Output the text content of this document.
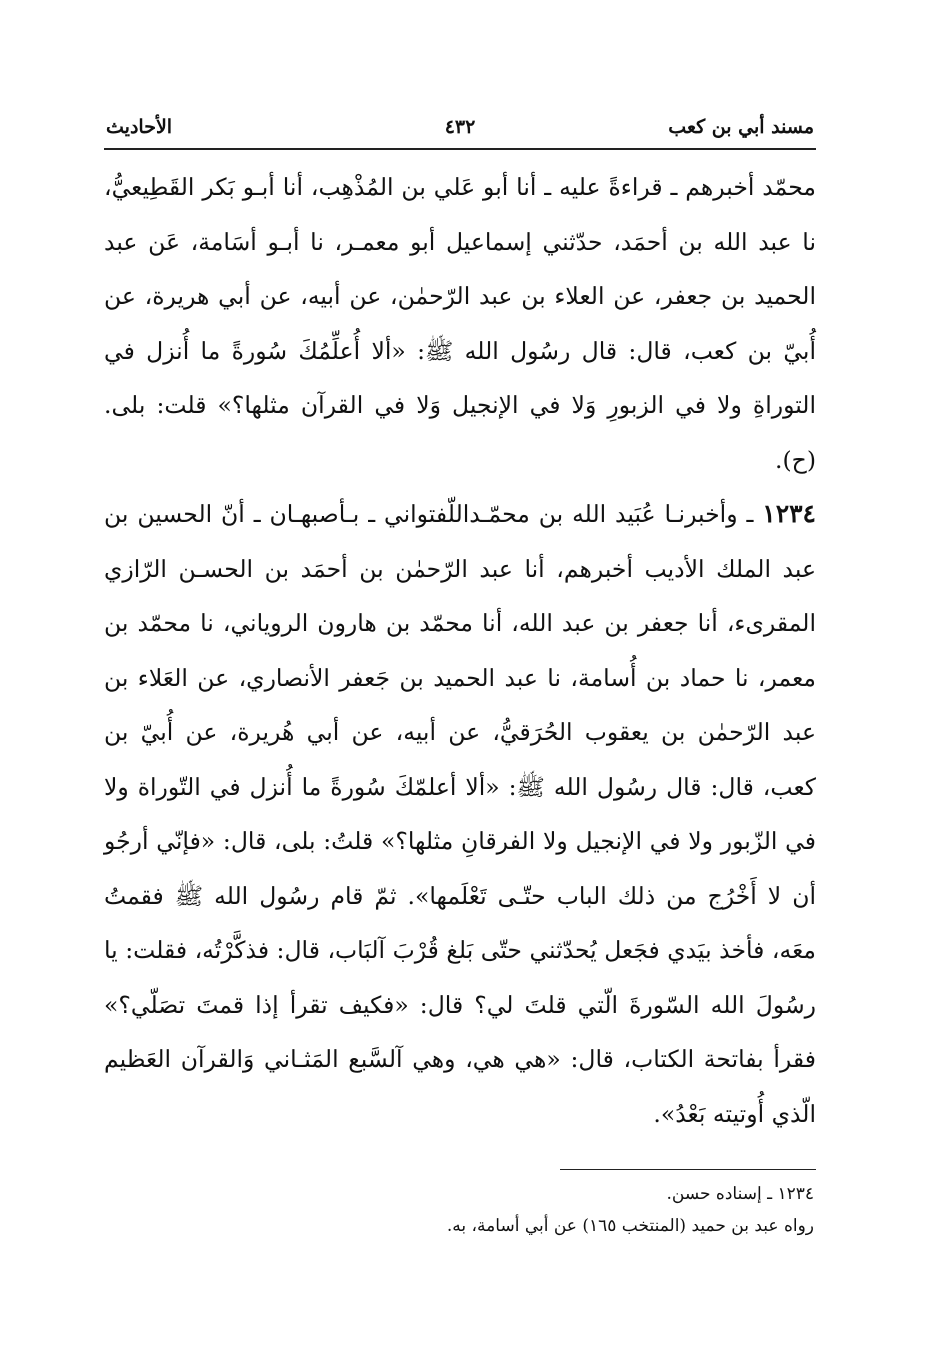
مسند أبي بن كعب
٤٣٢
الأحاديث

محمّد أخبرهم ـ قراءةً عليه ـ أنا أبو عَلي بن المُذْهِب، أنا أبـو بَكر القَطِيعيُّ، نا عبد الله بن أحمَد، حدّثني إسماعيل أبو معمـر، نا أبـو أسَامة، عَن عبد الحميد بن جعفر، عن العلاء بن عبد الرّحمٰن، عن أبيه، عن أبي هريرة، عن أُبيّ بن كعب، قال: قال رسُول الله ﷺ: «ألا أُعلِّمُكَ سُورةً ما أُنزل في التوراةِ ولا في الزبورِ وَلا في الإنجيل وَلا في القرآن مثلها؟» قلت: بلى. (ح).

١٢٣٤ ـ وأخبرنـا عُبَيد الله بن محمّـداللّفتواني ـ بـأصبهـان ـ أنّ الحسين بن عبد الملك الأديب أخبرهم، أنا عبد الرّحمٰن بن أحمَد بن الحسـن الرّازي المقرىء، أنا جعفر بن عبد الله، أنا محمّد بن هارون الروياني، نا محمّد بن معمر، نا حماد بن أُسامة، نا عبد الحميد بن جَعفر الأنصاري، عن العَلاء بن عبد الرّحمٰن بن يعقوب الحُرَقيُّ، عن أبيه، عن أبي هُريرة، عن أُبيّ بن كعب، قال: قال رسُول الله ﷺ: «ألا أعلمّكَ سُورةً ما أُنزل في التّوراة ولا في الزّبور ولا في الإنجيل ولا الفرقانِ مثلها؟» قلتُ: بلى، قال: «فإنّي أرجُو أن لا أَخْرُج من ذلك الباب حتّـى تَعْلَمها». ثمّ قام رسُول الله ﷺ فقمتُ معَه، فأخذ بيَدي فجَعل يُحدّثني حتّى بَلغ قُرْبَ آلبَاب، قال: فذكَّرْتُه، فقلت: يا رسُولَ الله السّورةَ الّتي قلتَ لي؟ قال: «فكيف تقرأ إذا قمتَ تصَلّي؟» فقرأ بفاتحة الكتاب، قال: «هي هي، وهي آلسَّبع المَثـاني وَالقرآن العَظيم الّذي أُوتيته بَعْدُ».

١٢٣٤ ـ إسناده حسن.

رواه عبد بن حميد (المنتخب ١٦٥) عن أبي أسامة، به.
